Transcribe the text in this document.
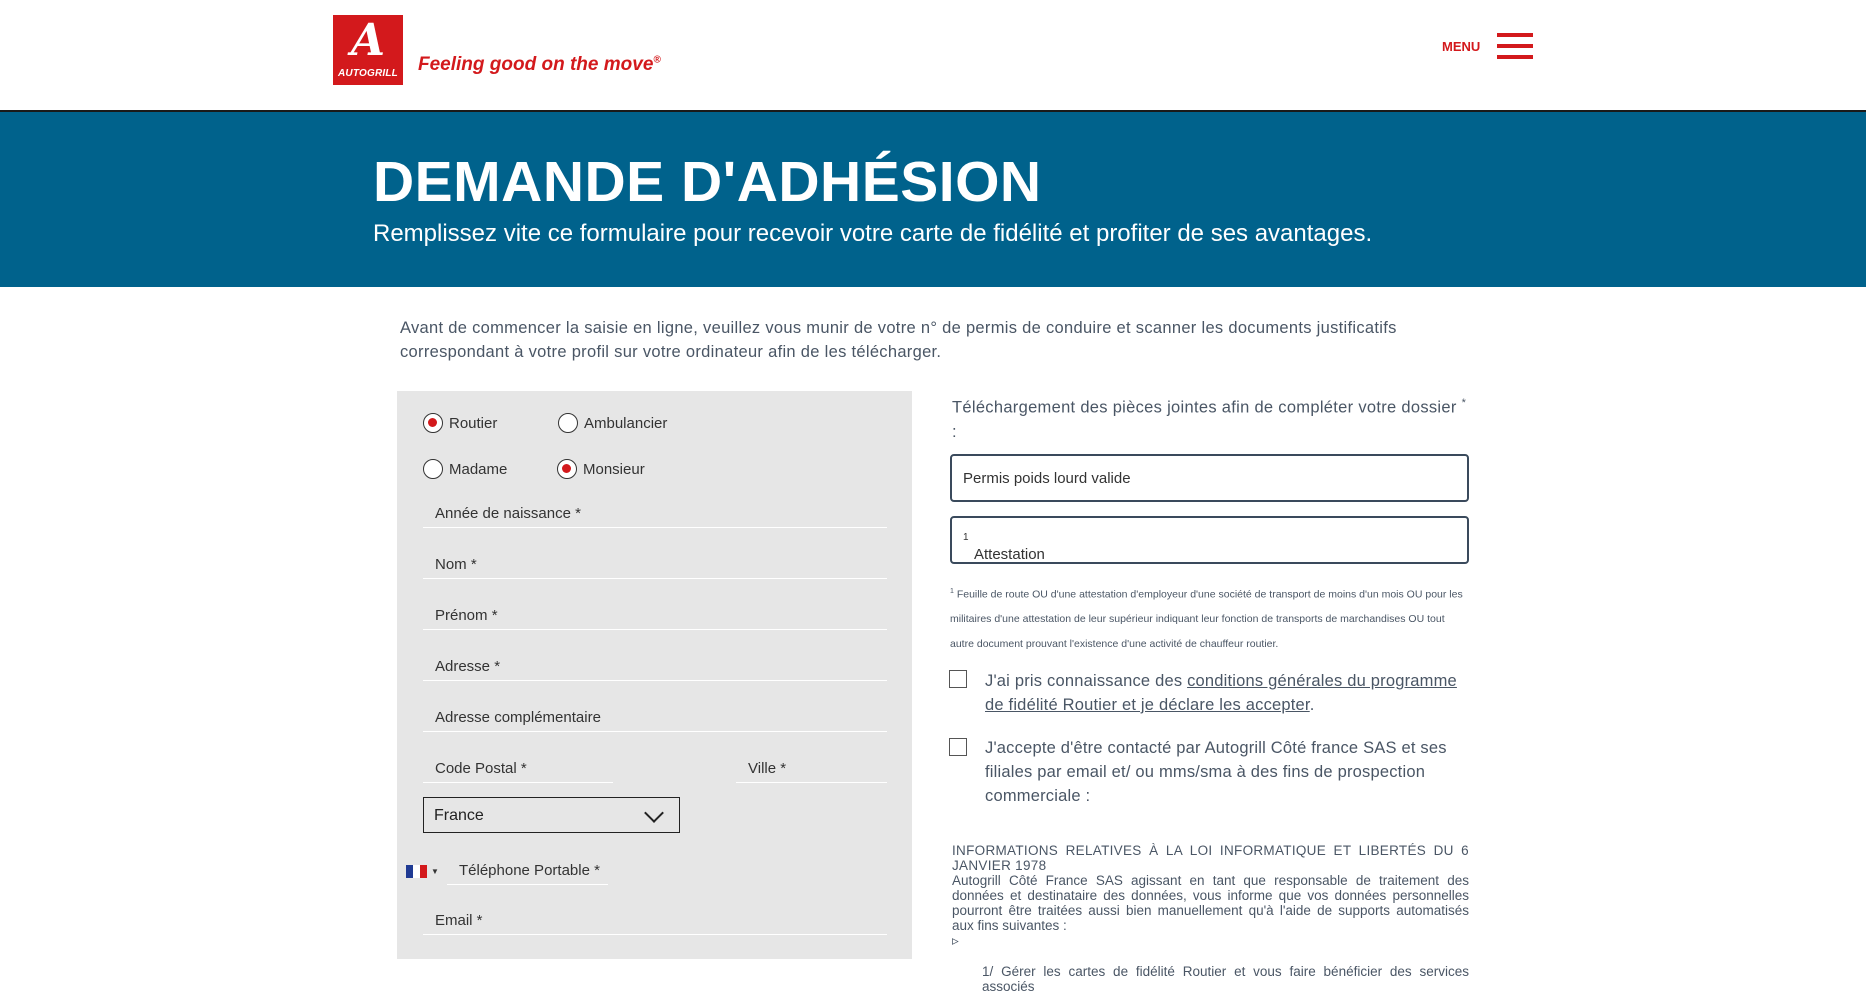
A
AUTOGRILL Feeling good on the move®
MENU
DEMANDE D'ADHÉSION
Remplissez vite ce formulaire pour recevoir votre carte de fidélité et profiter de ses avantages.
Avant de commencer la saisie en ligne, veuillez vous munir de votre n° de permis de conduire et scanner les documents justificatifs correspondant à votre profil sur votre ordinateur afin de les télécharger.
Routier	Ambulancier
Madame	Monsieur
Année de naissance *
Nom *
Prénom *
Adresse *
Adresse complémentaire
Code Postal *	Ville *
France
▼ Téléphone Portable *
Email *
Téléchargement des pièces jointes afin de compléter votre dossier * :
Permis poids lourd valide
Attestation
$^1$
$^1$ Feuille de route OU d'une attestation d'employeur d'une société de transport de moins d'un mois OU pour les militaires d'une attestation de leur supérieur indiquant leur fonction de transports de marchandises OU tout autre document prouvant l'existence d'une activité de chauffeur routier.
J'ai pris connaissance des conditions générales du programme de fidélité Routier et je déclare les accepter.
J'accepte d'être contacté par Autogrill Côté france SAS et ses filiales par email et/ ou mms/sma à des fins de prospection commerciale :
INFORMATIONS RELATIVES À LA LOI INFORMATIQUE ET LIBERTÉS DU 6 JANVIER 1978
Autogrill Côté France SAS agissant en tant que responsable de traitement des données et destinataire des données, vous informe que vos données personnelles pourront être traitées aussi bien manuellement qu'à l'aide de supports automatisés aux fins suivantes :
▹
1/ Gérer les cartes de fidélité Routier et vous faire bénéficier des services associés
